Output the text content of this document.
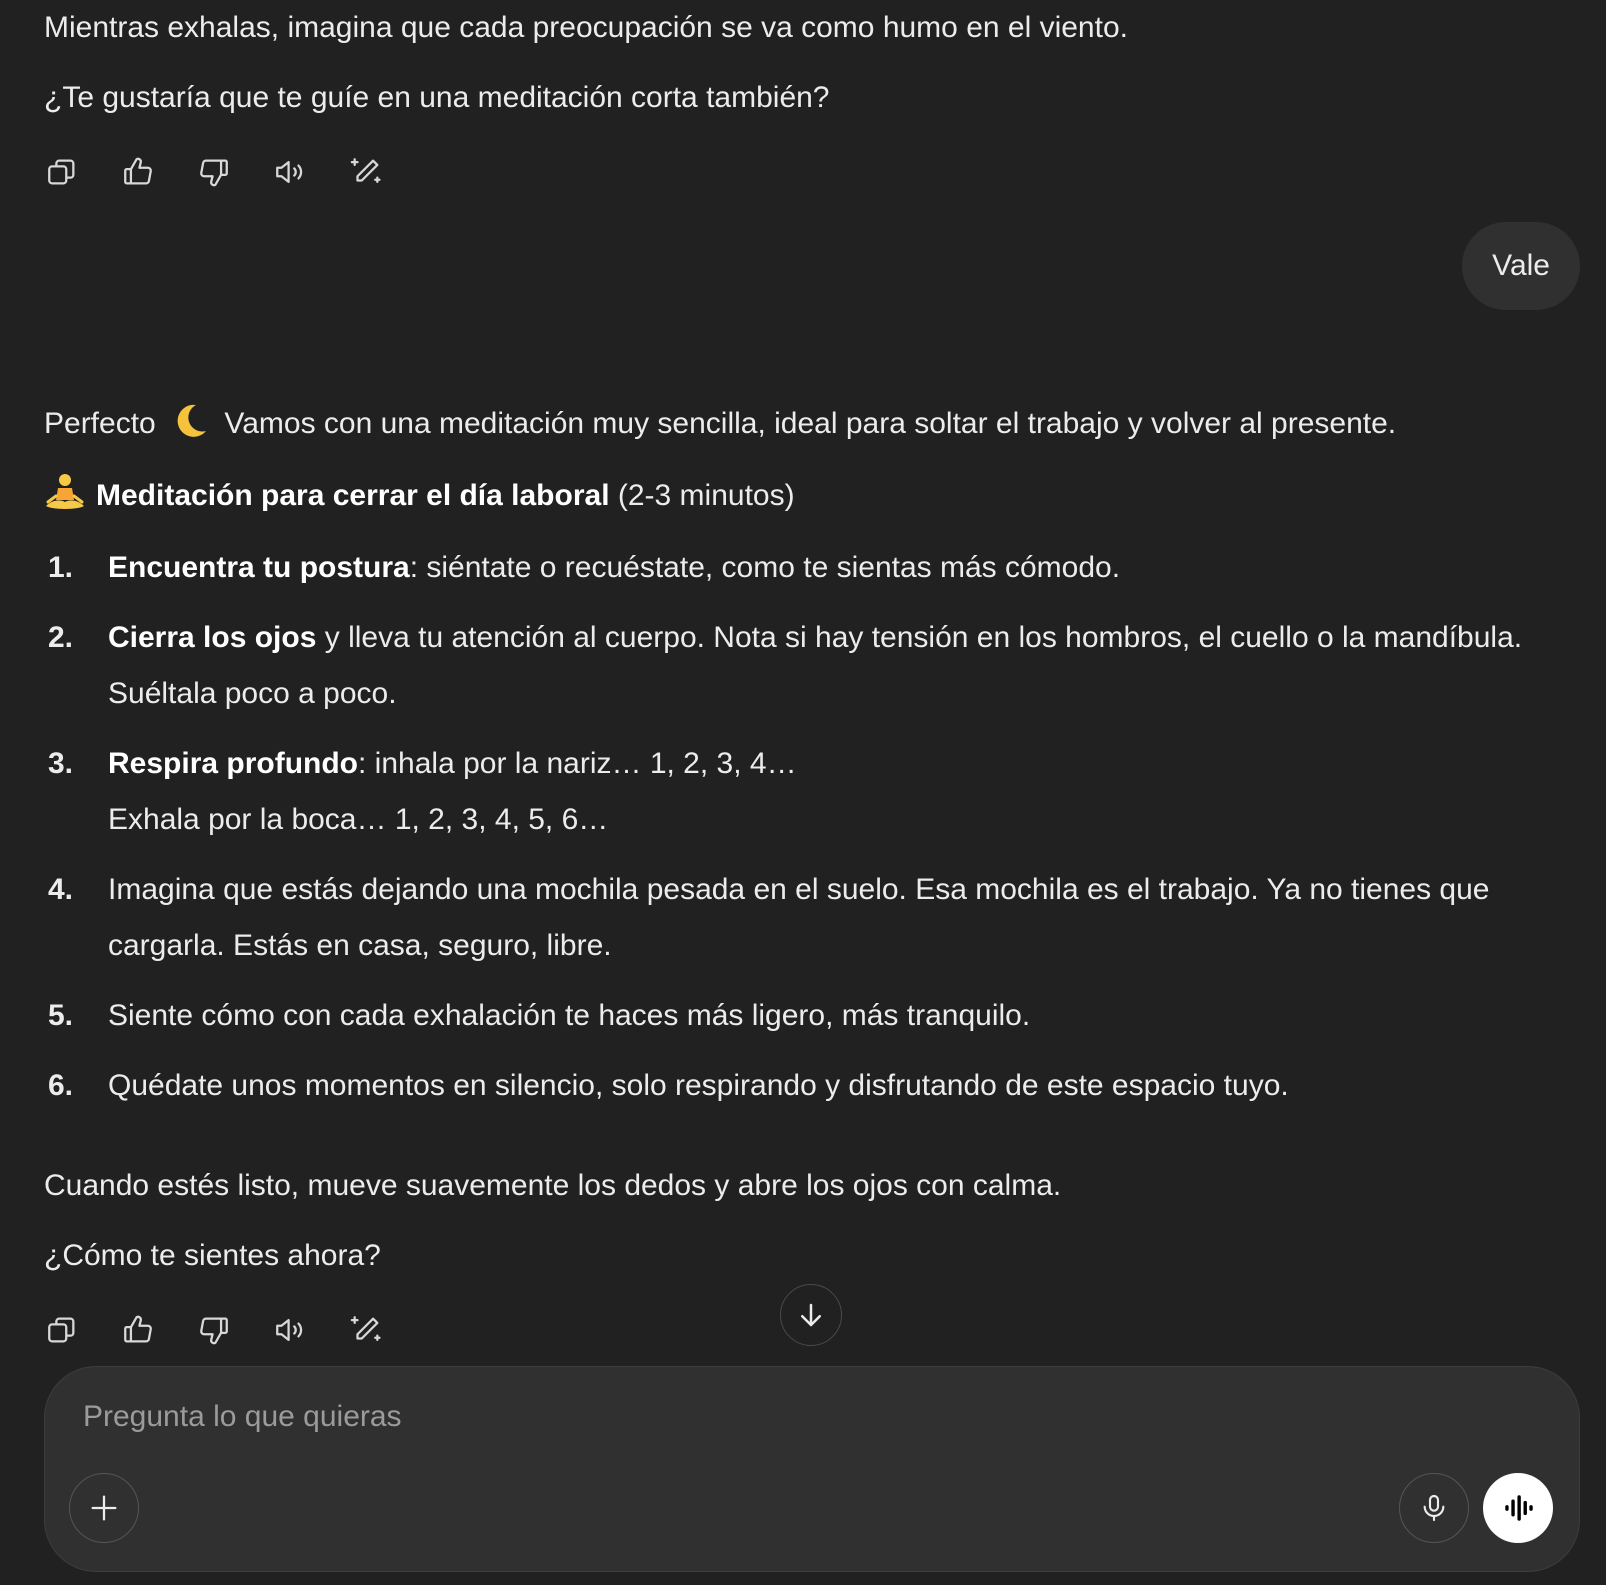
Mientras exhalas, imagina que cada preocupación se va como humo en el viento.

¿Te gustaría que te guíe en una meditación corta también?

Vale

Perfecto Vamos con una meditación muy sencilla, ideal para soltar el trabajo y volver al presente.

Meditación para cerrar el día laboral (2-3 minutos)

1.	Encuentra tu postura: siéntate o recuéstate, como te sientas más cómodo.
2.	Cierra los ojos y lleva tu atención al cuerpo. Nota si hay tensión en los hombros, el cuello o la mandíbula. Suéltala poco a poco.
3.	Respira profundo: inhala por la nariz… 1, 2, 3, 4…
Exhala por la boca… 1, 2, 3, 4, 5, 6…
4.	Imagina que estás dejando una mochila pesada en el suelo. Esa mochila es el trabajo. Ya no tienes que cargarla. Estás en casa, seguro, libre.
5.	Siente cómo con cada exhalación te haces más ligero, más tranquilo.
6.	Quédate unos momentos en silencio, solo respirando y disfrutando de este espacio tuyo.

Cuando estés listo, mueve suavemente los dedos y abre los ojos con calma.

¿Cómo te sientes ahora?

Pregunta lo que quieras
